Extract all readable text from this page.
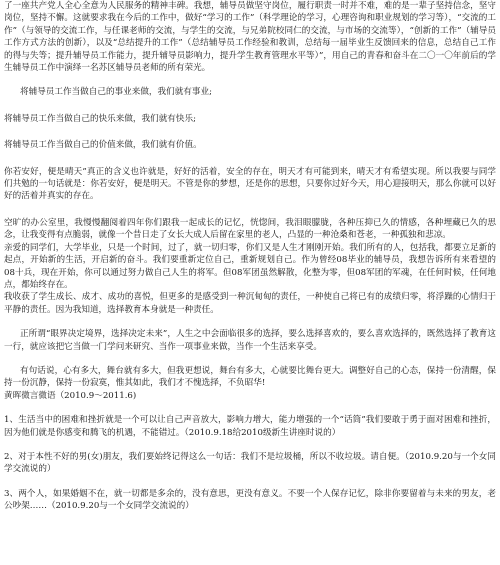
了一座共产党人全心全意为人民服务的精神丰碑。我想，辅导员做坚守岗位，履行职责一时并不难，难的是一辈子坚持信念，坚守岗位，坚持不懈。这就要求我在今后的工作中，做好“学习的工作”（科学理论的学习，心理咨询和职业规划的学习等），“交流的工作”（与领导的交流工作，与任课老师的交流，与学生的交流，与兄弟院校同仁的交流，与市场的交流等），“创新的工作”（辅导员工作方式方法的创新），以及“总结提升的工作”（总结辅导员工作经验和教训，总结每一届毕业生反馈回来的信息，总结自己工作的得与失等；提升辅导员工作能力，提升辅导员影响力，提升学生教育管理水平等）”，用自己的青春和奋斗在二〇一〇年前后的学生辅导员工作中演绎一名苏区辅导员老师的所有荣光。

将辅导员工作当做自己的事业来做，我们就有事业;

将辅导员工作当做自己的快乐来做，我们就有快乐;

将辅导员工作当做自己的价值来做，我们就有价值。

你若安好，便是晴天”真正的含义也许就是，好好的活着，安全的存在，明天才有可能到来，晴天才有希望实现。所以我要与同学们共勉的一句话就是：你若安好，便是明天。不管是你的梦想，还是你的思想，只要你过好今天，用心迎接明天，那么你就可以好好的活着并真实的存在。

空旷的办公室里，我慢慢翻阅着四年你们跟我一起成长的记忆，恍惚间，我泪眼朦胧，各种压抑已久的情感，各种埋藏已久的思念，让我变得有点脆弱，就像一个昔日走了女长大成人后留在家里的老人，凸显的一种沧桑和苍老，一种孤独和悲凉。

亲爱的同学们，大学毕业，只是一个时间，过了，就一切归零，你们又是人生才刚刚开始。我们所有的人，包括我，都要立足新的起点，开始新的生活，开启新的奋斗。我们要重新定位自己，重新规划自己。作为曾经08毕业的辅导员，我想告诉所有来看望的08十兵，现在开始，你可以通过努力做自己人生的将军。但08军团虽然解散，化整为零，但08军团的军魂，在任何时候，任何地点，都始终存在。

我收获了学生成长、成才、成功的喜悦，但更多的是感受到一种沉甸甸的责任，一种使自己将已有的成绩归零，将浮躁的心情归于平静的责任。因为我知道，选择教育本身就是一种责任。

正所谓“眼界决定境界，选择决定未来”，人生之中会面临很多的选择，要么选择喜欢的，要么喜欢选择的，既然选择了教育这一行，就应该把它当做一门学问来研究、当作一项事业来做，当作一个生活来享受。

有句话说，心有多大，舞台就有多大，但我更想说，舞台有多大，心就要比舞台更大。调整好自己的心态，保持一份清醒，保持一份沉静，保持一份寂寞，惟其如此，我们才不愧选择，不负昭华!

黄晖微言微语（2010.9～2011.6)

1、生活当中的困难和挫折就是一个可以让自己声音放大，影响力增大，能力增强的一个“话筒”我们要敢于勇于面对困难和挫折，因为他们就是你感变和腾飞的机遇，不能错过。（2010.9.18给2010级新生讲座时说的）

2、对于本性不好的男(女)朋友，我们要始终记得这么一句话：我们不是垃圾桶，所以不收垃圾。请自便。（2010.9.20与一个女同学交流说的）

3、两个人，如果婚姻不在，就一切都是多余的，没有意思，更没有意义。不要一个人保存记忆，除非你要留着与未来的男友，老公吵架……（2010.9.20与一个女同学交流说的）
